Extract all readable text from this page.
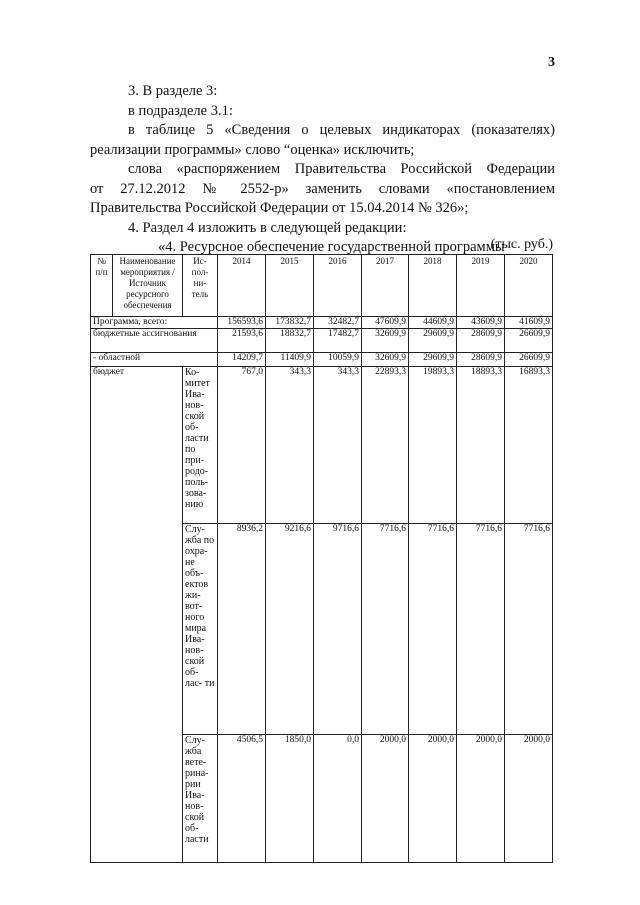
3

3. В разделе 3:

в подразделе 3.1:

в таблице 5 «Сведения о целевых индикаторах (показателях)

реализации программы» слово “оценка» исключить;

слова «распоряжением Правительства Российской Федерации

от 27.12.2012 № 2552-р» заменить словами «постановлением

Правительства Российской Федерации от 15.04.2014 № 326»;

4. Раздел 4 изложить в следующей редакции:

«4. Ресурсное обеспечение государственной программы

(тыс. руб.)
№ п/п	Наименование мероприятия / Источник ресурсного обеспечения	Ис- пол- ни- тель	2014	2015	2016	2017	2018	2019	2020
Программа, всего:			156593,6	173832,7	32482,7	47609,9	44609,9	43609,9	41609,9
бюджетные ассигнования			21593,6	18832,7	17482,7	32609,9	29609,9	28609,9	26609,9
- областной			14209,7	11409,9	10059,9	32609,9	29609,9	28609,9	26609,9
бюджет		Ко- митет Ива- нов- ской об- ласти по при- родо- поль- зова- нию	767,0	343,3	343,3	22893,3	19893,3	18893,3	16893,3
		Слу- жба по охра- не объ- ектов жи- вот- ного мира Ива- нов- ской об- лас- ти	8936,2	9216,6	9716,6	7716,6	7716,6	7716,6	7716,6
		Слу- жба вете- рина- рии Ива- нов- ской об- ласти	4506,5	1850,0	0,0	2000,0	2000,0	2000,0	2000,0
